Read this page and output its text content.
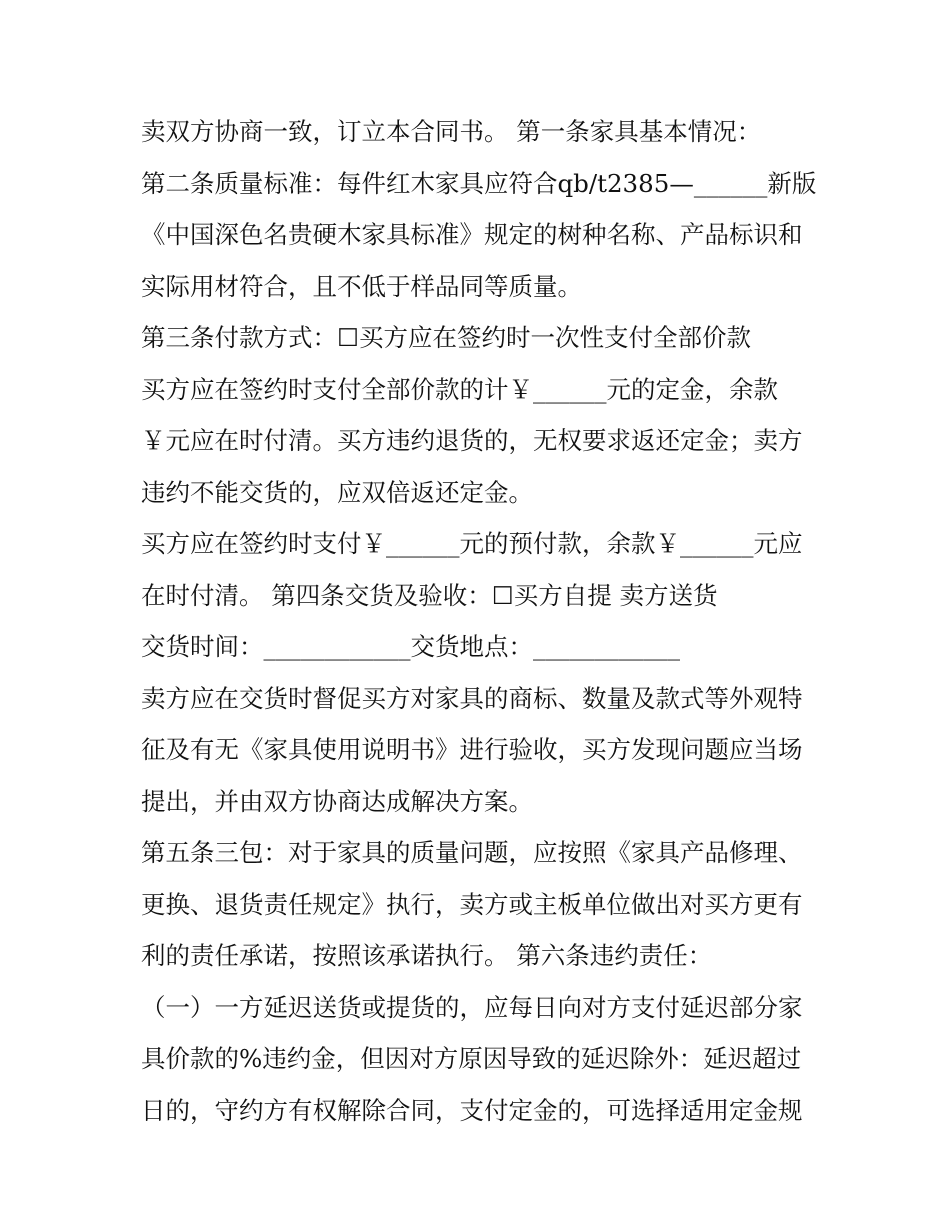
卖双方协商一致，订立本合同书。 第一条家具基本情况：
第二条质量标准：每件红木家具应符合qb/t2385—______新版
《中国深色名贵硬木家具标准》规定的树种名称、产品标识和
实际用材符合，且不低于样品同等质量。
第三条付款方式：☐买方应在签约时一次性支付全部价款
买方应在签约时支付全部价款的计￥______元的定金，余款
￥元应在时付清。买方违约退货的，无权要求返还定金；卖方
违约不能交货的，应双倍返还定金。
买方应在签约时支付￥______元的预付款，余款￥______元应
在时付清。 第四条交货及验收：☐买方自提 卖方送货
交货时间：____________交货地点：____________
卖方应在交货时督促买方对家具的商标、数量及款式等外观特
征及有无《家具使用说明书》进行验收，买方发现问题应当场
提出，并由双方协商达成解决方案。
第五条三包：对于家具的质量问题，应按照《家具产品修理、
更换、退货责任规定》执行，卖方或主板单位做出对买方更有
利的责任承诺，按照该承诺执行。 第六条违约责任：
（一）一方延迟送货或提货的，应每日向对方支付延迟部分家
具价款的%违约金，但因对方原因导致的延迟除外：延迟超过
日的，守约方有权解除合同，支付定金的，可选择适用定金规
